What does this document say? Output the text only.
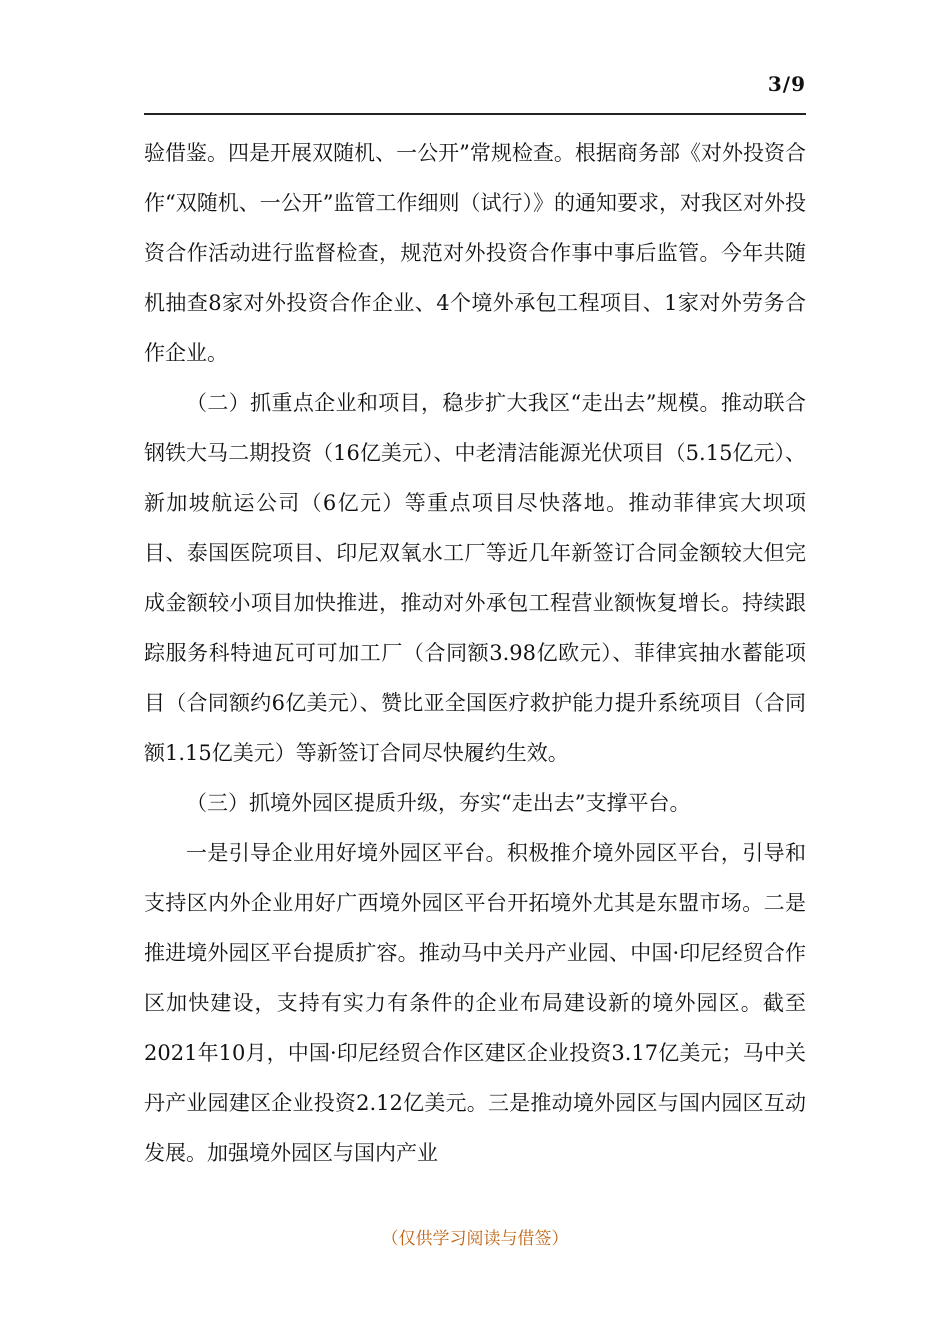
3/9

验借鉴。四是开展双随机、一公开”常规检查。根据商务部《对外投资合作“双随机、一公开”监管工作细则（试行）》的通知要求，对我区对外投资合作活动进行监督检查，规范对外投资合作事中事后监管。今年共随机抽查8家对外投资合作企业、4个境外承包工程项目、1家对外劳务合作企业。

（二）抓重点企业和项目，稳步扩大我区“走出去”规模。推动联合钢铁大马二期投资（16亿美元）、中老清洁能源光伏项目（5.15亿元）、新加坡航运公司（6亿元）等重点项目尽快落地。推动菲律宾大坝项目、泰国医院项目、印尼双氧水工厂等近几年新签订合同金额较大但完成金额较小项目加快推进，推动对外承包工程营业额恢复增长。持续跟踪服务科特迪瓦可可加工厂（合同额3.98亿欧元）、菲律宾抽水蓄能项目（合同额约6亿美元）、赞比亚全国医疗救护能力提升系统项目（合同额1.15亿美元）等新签订合同尽快履约生效。

（三）抓境外园区提质升级，夯实“走出去”支撑平台。

一是引导企业用好境外园区平台。积极推介境外园区平台，引导和支持区内外企业用好广西境外园区平台开拓境外尤其是东盟市场。二是推进境外园区平台提质扩容。推动马中关丹产业园、中国·印尼经贸合作区加快建设，支持有实力有条件的企业布局建设新的境外园区。截至2021年10月，中国·印尼经贸合作区建区企业投资3.17亿美元；马中关丹产业园建区企业投资2.12亿美元。三是推动境外园区与国内园区互动发展。加强境外园区与国内产业

（仅供学习阅读与借签）
